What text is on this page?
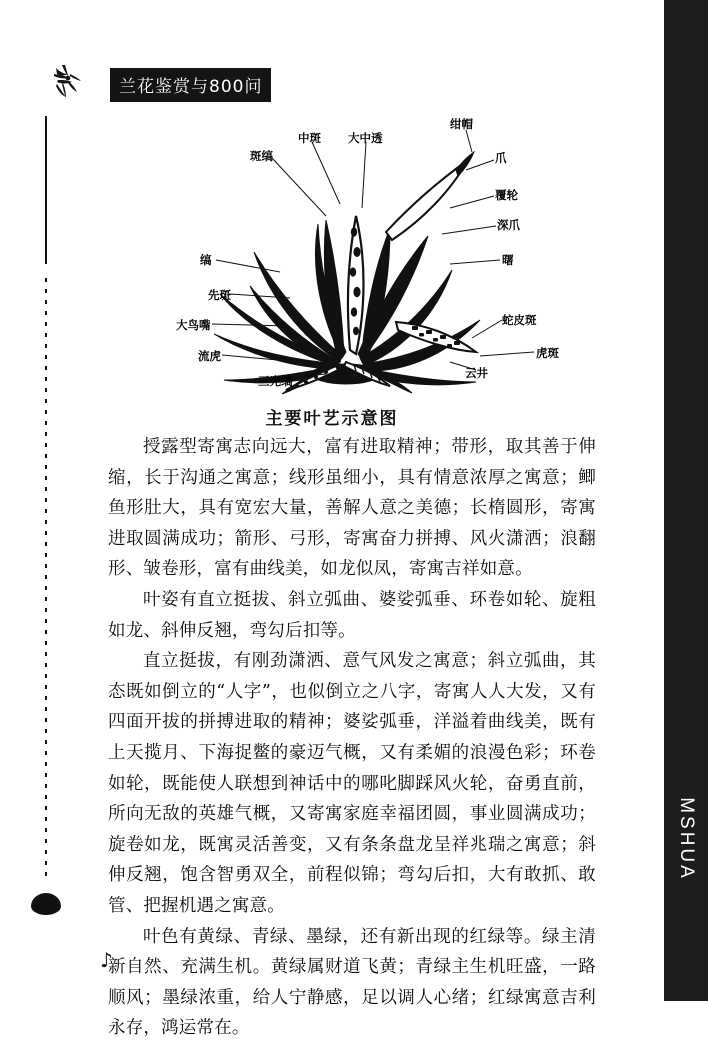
MSHUA
♪
兰花鉴赏与800问
中斑 大中透
斑缟
绀帽
爪
覆轮
深爪
曙
蛇皮斑
虎斑
云井
缟
先斑
大鸟嘴
流虎
三光缟
主要叶艺示意图

授露型寄寓志向远大，富有进取精神；带形，取其善于伸缩，长于沟通之寓意；线形虽细小，具有情意浓厚之寓意；鲫鱼形肚大，具有宽宏大量，善解人意之美德；长楕圆形，寄寓进取圆满成功；箭形、弓形，寄寓奋力拼搏、风火潇洒；浪翻形、皱卷形，富有曲线美，如龙似凤，寄寓吉祥如意。

叶姿有直立挺拔、斜立弧曲、婆娑弧垂、环卷如轮、旋粗如龙、斜伸反翘，弯勾后扣等。

直立挺拔，有刚劲潇洒、意气风发之寓意；斜立弧曲，其态既如倒立的“人字”，也似倒立之八字，寄寓人人大发，又有四面开拔的拼搏进取的精神；婆娑弧垂，洋溢着曲线美，既有上天揽月、下海捉鳖的豪迈气概，又有柔媚的浪漫色彩；环卷如轮，既能使人联想到神话中的哪叱脚踩风火轮，奋勇直前，所向无敌的英雄气概，又寄寓家庭幸福团圆，事业圆满成功；旋卷如龙，既寓灵活善变，又有条条盘龙呈祥兆瑞之寓意；斜伸反翘，饱含智勇双全，前程似锦；弯勾后扣，大有敢抓、敢管、把握机遇之寓意。

叶色有黄绿、青绿、墨绿，还有新出现的红绿等。绿主清新自然、充满生机。黄绿属财道飞黄；青绿主生机旺盛，一路顺风；墨绿浓重，给人宁静感，足以调人心绪；红绿寓意吉利永存，鸿运常在。
